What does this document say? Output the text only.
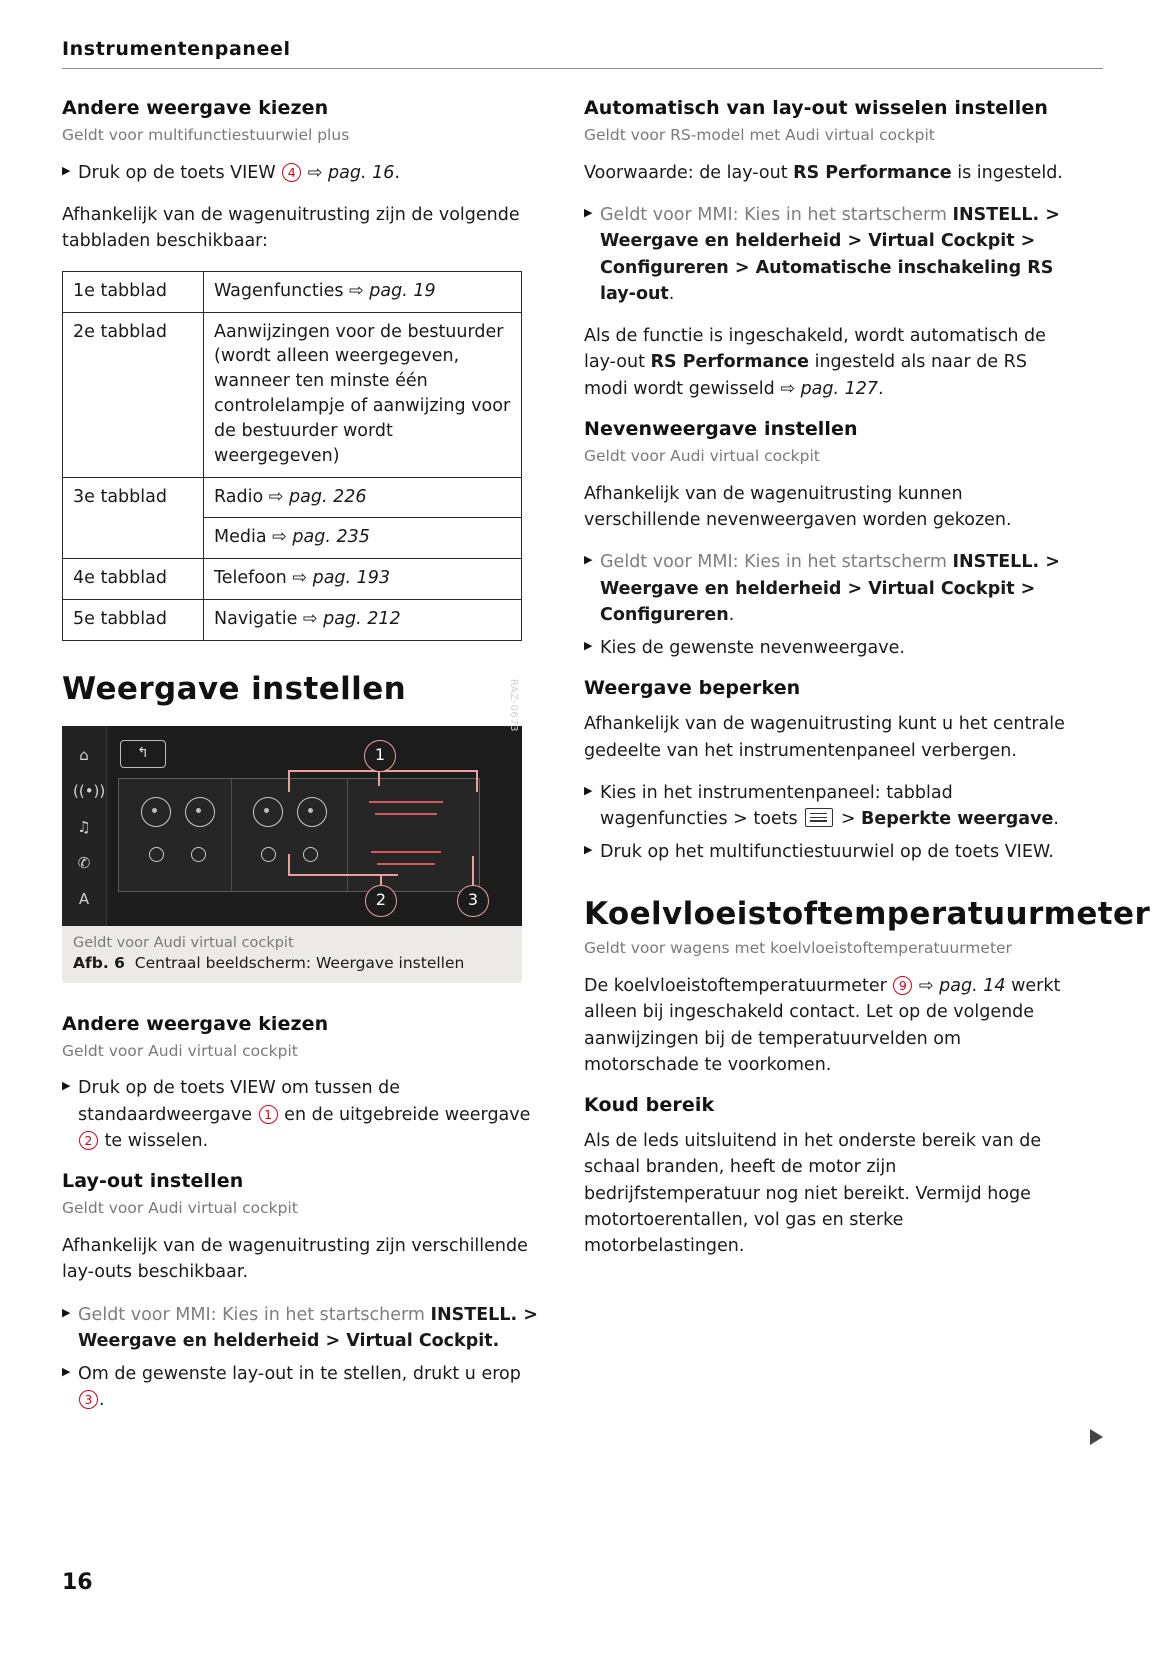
Instrumentenpaneel
Andere weergave kiezen
Geldt voor multifunctiestuurwiel plus
▶ Druk op de toets VIEW 4 ⇨ pag. 16.

Afhankelijk van de wagenuitrusting zijn de volgende tabbladen beschikbaar:

1e tabblad	Wagenfuncties ⇨ pag. 19
2e tabblad	Aanwijzingen voor de bestuurder (wordt alleen weergegeven, wanneer ten minste één controlelampje of aanwijzing voor de bestuurder wordt weergegeven)
3e tabblad	Radio ⇨ pag. 226
	Media ⇨ pag. 235
4e tabblad	Telefoon ⇨ pag. 193
5e tabblad	Navigatie ⇨ pag. 212
Weergave instellen
⌂
((•))
♫
✆
A
↰	1
2	3
RAZ-0673
Geldt voor Audi virtual cockpit
Afb. 6 Centraal beeldscherm: Weergave instellen
Andere weergave kiezen
Geldt voor Audi virtual cockpit
▶ Druk op de toets VIEW om tussen de standaardweergave 1 en de uitgebreide weergave 2 te wisselen.
Lay-out instellen
Geldt voor Audi virtual cockpit

Afhankelijk van de wagenuitrusting zijn verschillende lay-outs beschikbaar.

▶ Geldt voor MMI: Kies in het startscherm INSTELL. > Weergave en helderheid > Virtual Cockpit.
▶ Om de gewenste lay-out in te stellen, drukt u erop 3 .
Automatisch van lay-out wisselen instellen
Geldt voor RS-model met Audi virtual cockpit

Voorwaarde: de lay-out RS Performance is ingesteld.

▶ Geldt voor MMI: Kies in het startscherm INSTELL. > Weergave en helderheid > Virtual Cockpit > Configureren > Automatische inschakeling RS lay-out.

Als de functie is ingeschakeld, wordt automatisch de lay-out RS Performance ingesteld als naar de RS modi wordt gewisseld ⇨ pag. 127.

Nevenweergave instellen
Geldt voor Audi virtual cockpit

Afhankelijk van de wagenuitrusting kunnen verschillende nevenweergaven worden gekozen.

▶ Geldt voor MMI: Kies in het startscherm INSTELL. > Weergave en helderheid > Virtual Cockpit > Configureren.
▶ Kies de gewenste nevenweergave.
Weergave beperken

Afhankelijk van de wagenuitrusting kunt u het centrale gedeelte van het instrumentenpaneel verbergen.

▶ Kies in het instrumentenpaneel: tabblad wagenfuncties > toets
> Beperkte weergave.
▶ Druk op het multifunctiestuurwiel op de toets VIEW.
Koelvloeistoftemperatuurmeter
Geldt voor wagens met koelvloeistoftemperatuurmeter

De koelvloeistoftemperatuurmeter 9 ⇨ pag. 14 werkt alleen bij ingeschakeld contact. Let op de volgende aanwijzingen bij de temperatuurvelden om motorschade te voorkomen.

Koud bereik

Als de leds uitsluitend in het onderste bereik van de schaal branden, heeft de motor zijn bedrijfstemperatuur nog niet bereikt. Vermijd hoge motortoerentallen, vol gas en sterke motorbelastingen.

16
